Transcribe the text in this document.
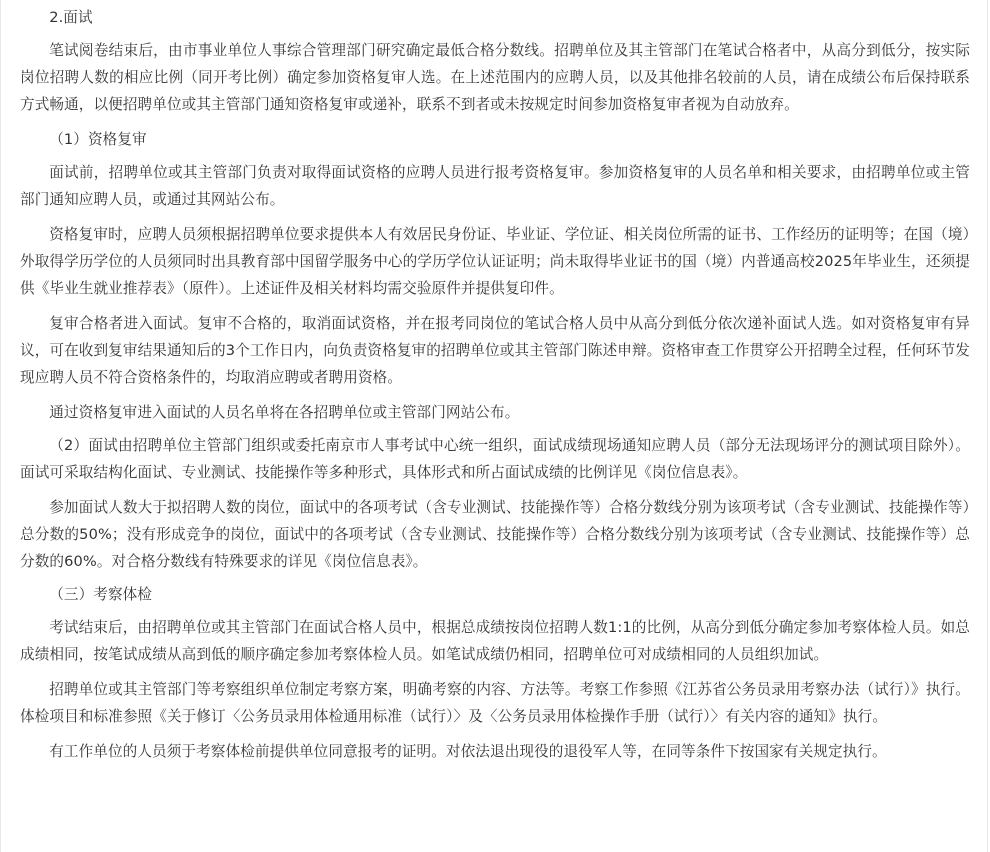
2.面试

笔试阅卷结束后，由市事业单位人事综合管理部门研究确定最低合格分数线。招聘单位及其主管部门在笔试合格者中，从高分到低分，按实际岗位招聘人数的相应比例（同开考比例）确定参加资格复审人选。在上述范围内的应聘人员，以及其他排名较前的人员，请在成绩公布后保持联系方式畅通，以便招聘单位或其主管部门通知资格复审或递补，联系不到者或未按规定时间参加资格复审者视为自动放弃。

（1）资格复审

面试前，招聘单位或其主管部门负责对取得面试资格的应聘人员进行报考资格复审。参加资格复审的人员名单和相关要求，由招聘单位或主管部门通知应聘人员，或通过其网站公布。

资格复审时，应聘人员须根据招聘单位要求提供本人有效居民身份证、毕业证、学位证、相关岗位所需的证书、工作经历的证明等；在国（境）外取得学历学位的人员须同时出具教育部中国留学服务中心的学历学位认证证明；尚未取得毕业证书的国（境）内普通高校2025年毕业生，还须提供《毕业生就业推荐表》（原件）。上述证件及相关材料均需交验原件并提供复印件。

复审合格者进入面试。复审不合格的，取消面试资格，并在报考同岗位的笔试合格人员中从高分到低分依次递补面试人选。如对资格复审有异议，可在收到复审结果通知后的3个工作日内，向负责资格复审的招聘单位或其主管部门陈述申辩。资格审查工作贯穿公开招聘全过程，任何环节发现应聘人员不符合资格条件的，均取消应聘或者聘用资格。

通过资格复审进入面试的人员名单将在各招聘单位或主管部门网站公布。

（2）面试由招聘单位主管部门组织或委托南京市人事考试中心统一组织，面试成绩现场通知应聘人员（部分无法现场评分的测试项目除外）。面试可采取结构化面试、专业测试、技能操作等多种形式，具体形式和所占面试成绩的比例详见《岗位信息表》。

参加面试人数大于拟招聘人数的岗位，面试中的各项考试（含专业测试、技能操作等）合格分数线分别为该项考试（含专业测试、技能操作等）总分数的50%；没有形成竞争的岗位，面试中的各项考试（含专业测试、技能操作等）合格分数线分别为该项考试（含专业测试、技能操作等）总分数的60%。对合格分数线有特殊要求的详见《岗位信息表》。

（三）考察体检

考试结束后，由招聘单位或其主管部门在面试合格人员中，根据总成绩按岗位招聘人数1:1的比例，从高分到低分确定参加考察体检人员。如总成绩相同，按笔试成绩从高到低的顺序确定参加考察体检人员。如笔试成绩仍相同，招聘单位可对成绩相同的人员组织加试。

招聘单位或其主管部门等考察组织单位制定考察方案，明确考察的内容、方法等。考察工作参照《江苏省公务员录用考察办法（试行）》执行。体检项目和标准参照《关于修订〈公务员录用体检通用标准（试行）〉及〈公务员录用体检操作手册（试行）〉有关内容的通知》执行。

有工作单位的人员须于考察体检前提供单位同意报考的证明。对依法退出现役的退役军人等，在同等条件下按国家有关规定执行。
